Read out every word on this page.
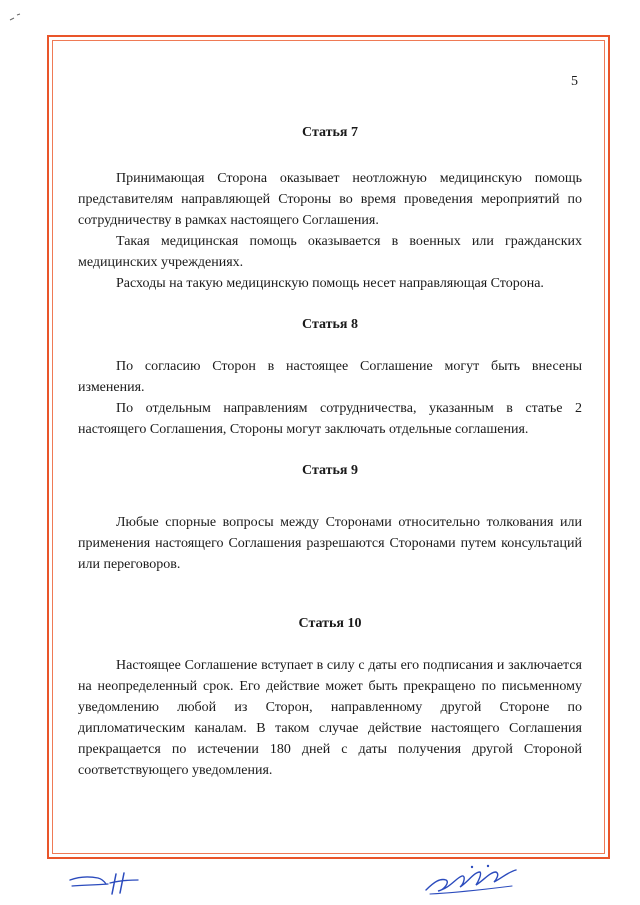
5
Статья 7

Принимающая Сторона оказывает неотложную медицинскую помощь представителям направляющей Стороны во время проведения мероприятий по сотрудничеству в рамках настоящего Соглашения.

Такая медицинская помощь оказывается в военных или гражданских медицинских учреждениях.

Расходы на такую медицинскую помощь несет направляющая Сторона.

Статья 8

По согласию Сторон в настоящее Соглашение могут быть внесены изменения.

По отдельным направлениям сотрудничества, указанным в статье 2 настоящего Соглашения, Стороны могут заключать отдельные соглашения.

Статья 9

Любые спорные вопросы между Сторонами относительно толкования или применения настоящего Соглашения разрешаются Сторонами путем консультаций или переговоров.

Статья 10

Настоящее Соглашение вступает в силу с даты его подписания и заключается на неопределенный срок. Его действие может быть прекращено по письменному уведомлению любой из Сторон, направленному другой Стороне по дипломатическим каналам. В таком случае действие настоящего Соглашения прекращается по истечении 180 дней с даты получения другой Стороной соответствующего уведомления.
